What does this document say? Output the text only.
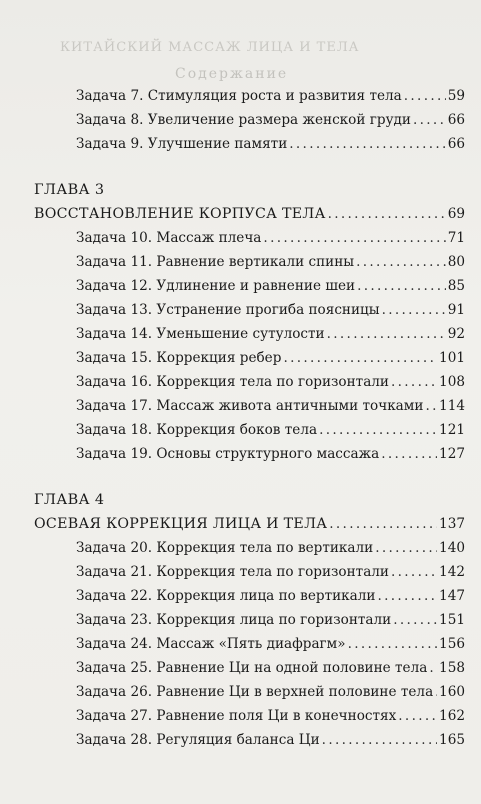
КИТАЙСКИЙ МАССАЖ ЛИЦА И ТЕЛА
Содержание
Задача 7. Стимуляция роста и развития тела . . .	59
Задача 8. Увеличение размера женской груди . . .	66
Задача 9. Улучшение памяти . . .	66
ГЛАВА 3
ВОССТАНОВЛЕНИЕ КОРПУСА ТЕЛА . . .	69
Задача 10. Массаж плеча . . .	71
Задача 11. Равнение вертикали спины . . .	80
Задача 12. Удлинение и равнение шеи . . .	85
Задача 13. Устранение прогиба поясницы . . .	91
Задача 14. Уменьшение сутулости . . .	92
Задача 15. Коррекция ребер . . .	101
Задача 16. Коррекция тела по горизонтали . . .	108
Задача 17. Массаж живота античными точками . . . 114
Задача 18. Коррекция боков тела . . .	121
Задача 19. Основы структурного массажа . . .	127
ГЛАВА 4
ОСЕВАЯ КОРРЕКЦИЯ ЛИЦА И ТЕЛА . . .	137
Задача 20. Коррекция тела по вертикали . . .	140
Задача 21. Коррекция тела по горизонтали . . .	142
Задача 22. Коррекция лица по вертикали . . .	147
Задача 23. Коррекция лица по горизонтали . . .	151
Задача 24. Массаж «Пять диафрагм» . . .	156
Задача 25. Равнение Ци на одной половине тела . . . 158
Задача 26. Равнение Ци в верхней половине тела . . . 160
Задача 27. Равнение поля Ци в конечностях . . .	162
Задача 28. Регуляция баланса Ци . . .	165
